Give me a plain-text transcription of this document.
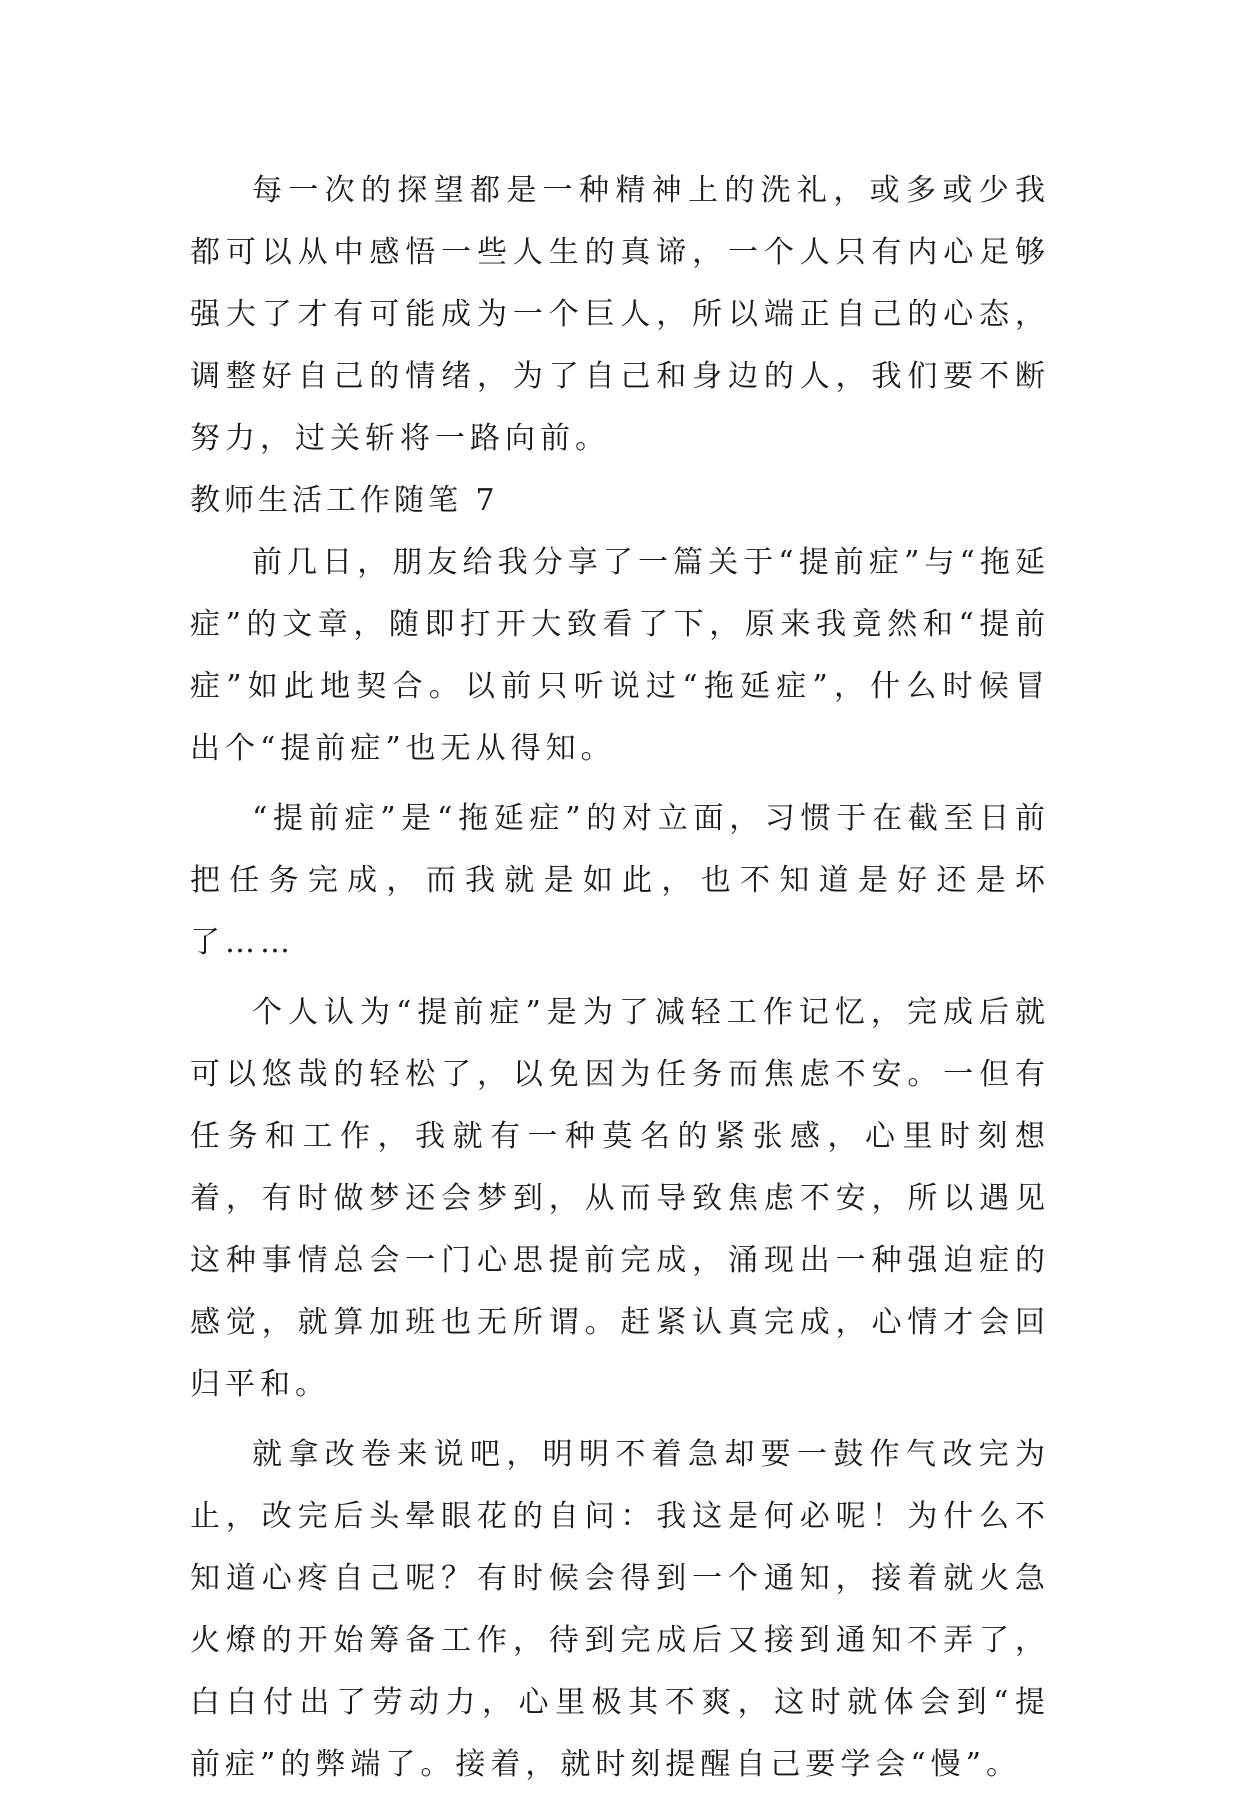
每一次的探望都是一种精神上的洗礼，或多或少我都可以从中感悟一些人生的真谛，一个人只有内心足够强大了才有可能成为一个巨人，所以端正自己的心态，调整好自己的情绪，为了自己和身边的人，我们要不断努力，过关斩将一路向前。

教师生活工作随笔 7

前几日，朋友给我分享了一篇关于“提前症”与“拖延症”的文章，随即打开大致看了下，原来我竟然和“提前症”如此地契合。以前只听说过“拖延症”，什么时候冒出个“提前症”也无从得知。

“提前症”是“拖延症”的对立面，习惯于在截至日前把任务完成，而我就是如此，也不知道是好还是坏了……

个人认为“提前症”是为了减轻工作记忆，完成后就可以悠哉的轻松了，以免因为任务而焦虑不安。一但有任务和工作，我就有一种莫名的紧张感，心里时刻想着，有时做梦还会梦到，从而导致焦虑不安，所以遇见这种事情总会一门心思提前完成，涌现出一种强迫症的感觉，就算加班也无所谓。赶紧认真完成，心情才会回归平和。

就拿改卷来说吧，明明不着急却要一鼓作气改完为止，改完后头晕眼花的自问：我这是何必呢！为什么不知道心疼自己呢？有时候会得到一个通知，接着就火急火燎的开始筹备工作，待到完成后又接到通知不弄了，白白付出了劳动力，心里极其不爽，这时就体会到“提前症”的弊端了。接着，就时刻提醒自己要学会“慢”。
